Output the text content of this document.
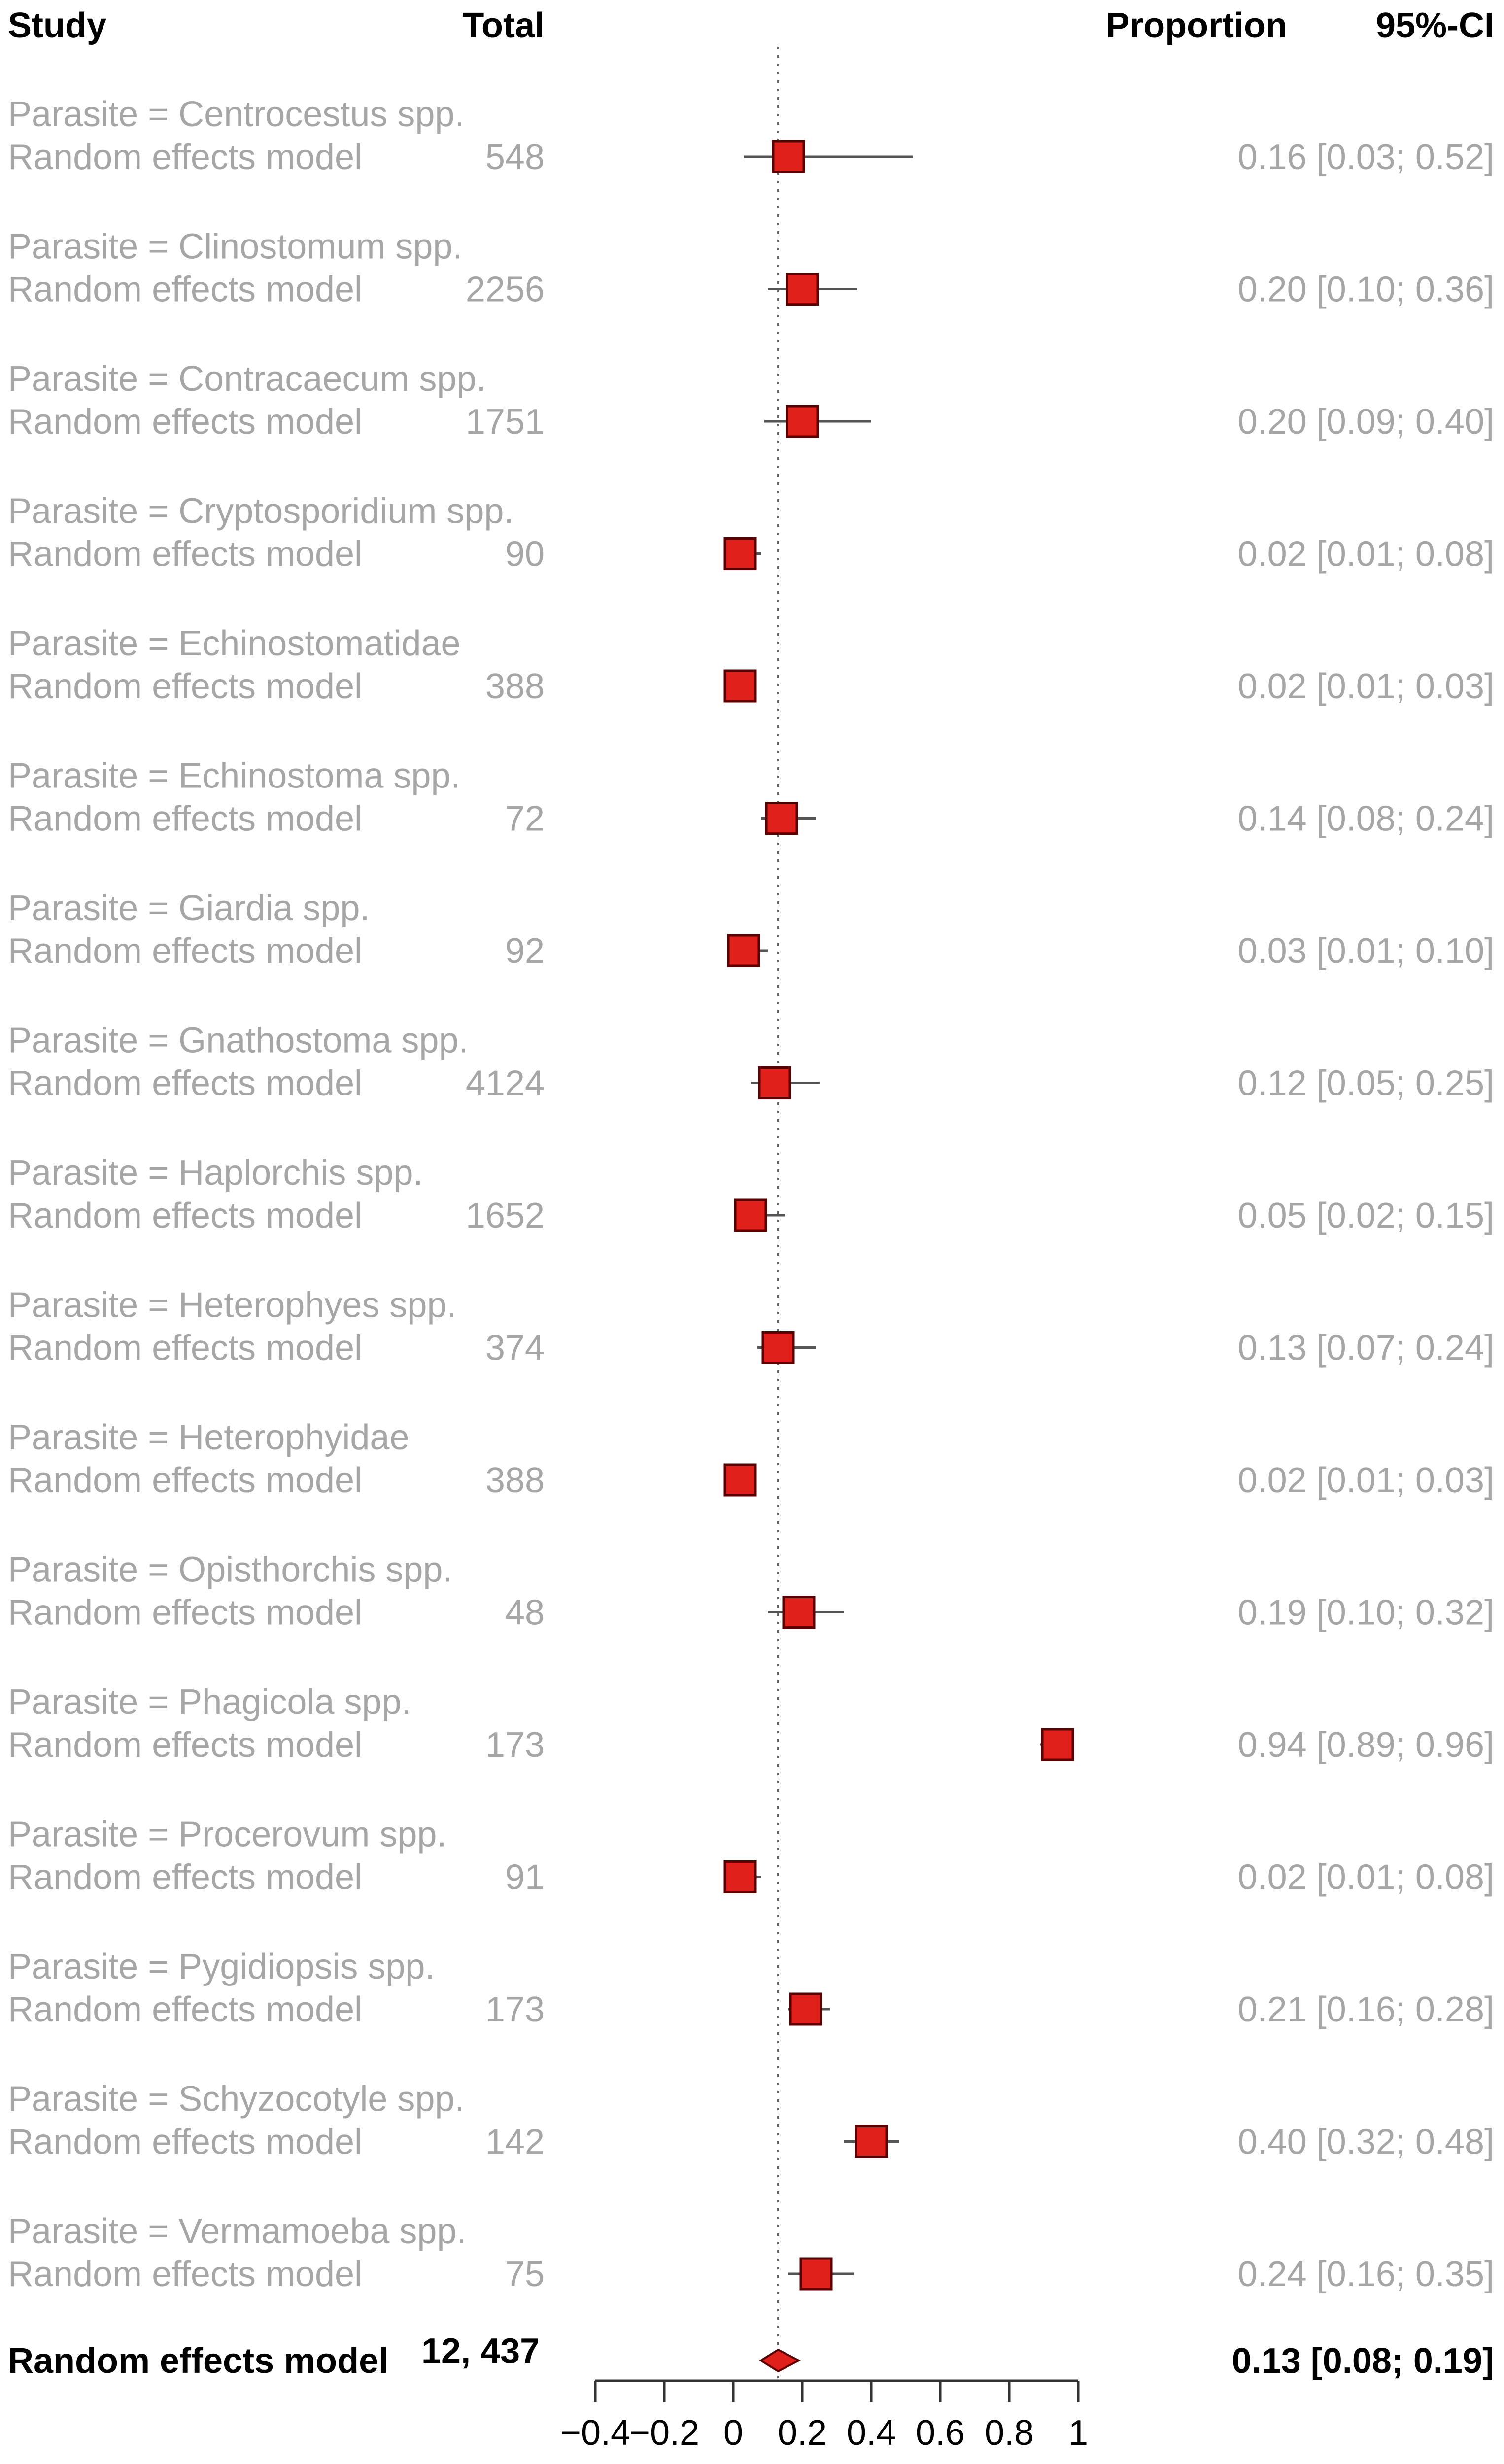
Study	Total	Proportion 95%-CI
Parasite = Centrocestus spp.
Random effects model	548	0.16 [0.03; 0.52]
Parasite = Clinostomum spp.
Random effects model	2256	0.20 [0.10; 0.36]
Parasite = Contracaecum spp.
Random effects model	1751	0.20 [0.09; 0.40]
Parasite = Cryptosporidium spp.
Random effects model	90	0.02 [0.01; 0.08]
Parasite = Echinostomatidae
Random effects model	388	0.02 [0.01; 0.03]
Parasite = Echinostoma spp.
Random effects model	72	0.14 [0.08; 0.24]
Parasite = Giardia spp.
Random effects model	92	0.03 [0.01; 0.10]
Parasite = Gnathostoma spp.
Random effects model	4124	0.12 [0.05; 0.25]
Parasite = Haplorchis spp.
Random effects model	1652	0.05 [0.02; 0.15]
Parasite = Heterophyes spp.
Random effects model	374	0.13 [0.07; 0.24]
Parasite = Heterophyidae
Random effects model	388	0.02 [0.01; 0.03]
Parasite = Opisthorchis spp.
Random effects model	48	0.19 [0.10; 0.32]
Parasite = Phagicola spp.
Random effects model	173	0.94 [0.89; 0.96]
Parasite = Procerovum spp.
Random effects model	91	0.02 [0.01; 0.08]
Parasite = Pygidiopsis spp.
Random effects model	173	0.21 [0.16; 0.28]
Parasite = Schyzocotyle spp.
Random effects model	142	0.40 [0.32; 0.48]
Parasite = Vermamoeba spp.
Random effects model	75	0.24 [0.16; 0.35]
Random effects model 12, 437	0.13 [0.08; 0.19]
−0.4
−0.2 0 0.2 0.4 0.6 0.8 1
